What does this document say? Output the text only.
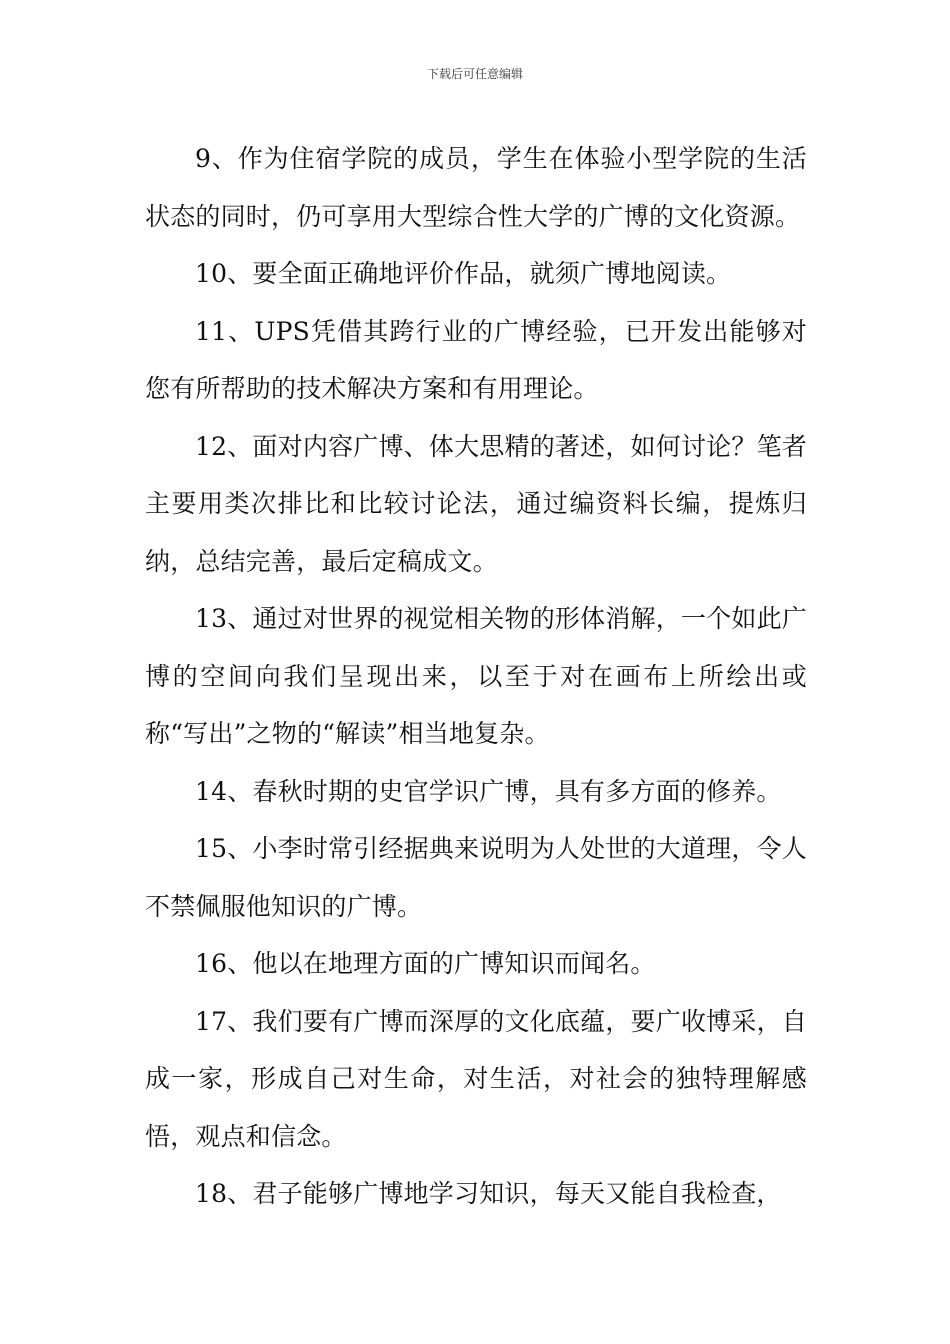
下载后可任意编辑

9、作为住宿学院的成员，学生在体验小型学院的生活状态的同时，仍可享用大型综合性大学的广博的文化资源。

10、要全面正确地评价作品，就须广博地阅读。

11、UPS凭借其跨行业的广博经验，已开发出能够对您有所帮助的技术解决方案和有用理论。

12、面对内容广博、体大思精的著述，如何讨论？笔者主要用类次排比和比较讨论法，通过编资料长编，提炼归纳，总结完善，最后定稿成文。

13、通过对世界的视觉相关物的形体消解，一个如此广博的空间向我们呈现出来，以至于对在画布上所绘出或称“写出”之物的“解读”相当地复杂。

14、春秋时期的史官学识广博，具有多方面的修养。

15、小李时常引经据典来说明为人处世的大道理，令人不禁佩服他知识的广博。

16、他以在地理方面的广博知识而闻名。

17、我们要有广博而深厚的文化底蕴，要广收博采，自成一家，形成自己对生命，对生活，对社会的独特理解感悟，观点和信念。

18、君子能够广博地学习知识，每天又能自我检查，
